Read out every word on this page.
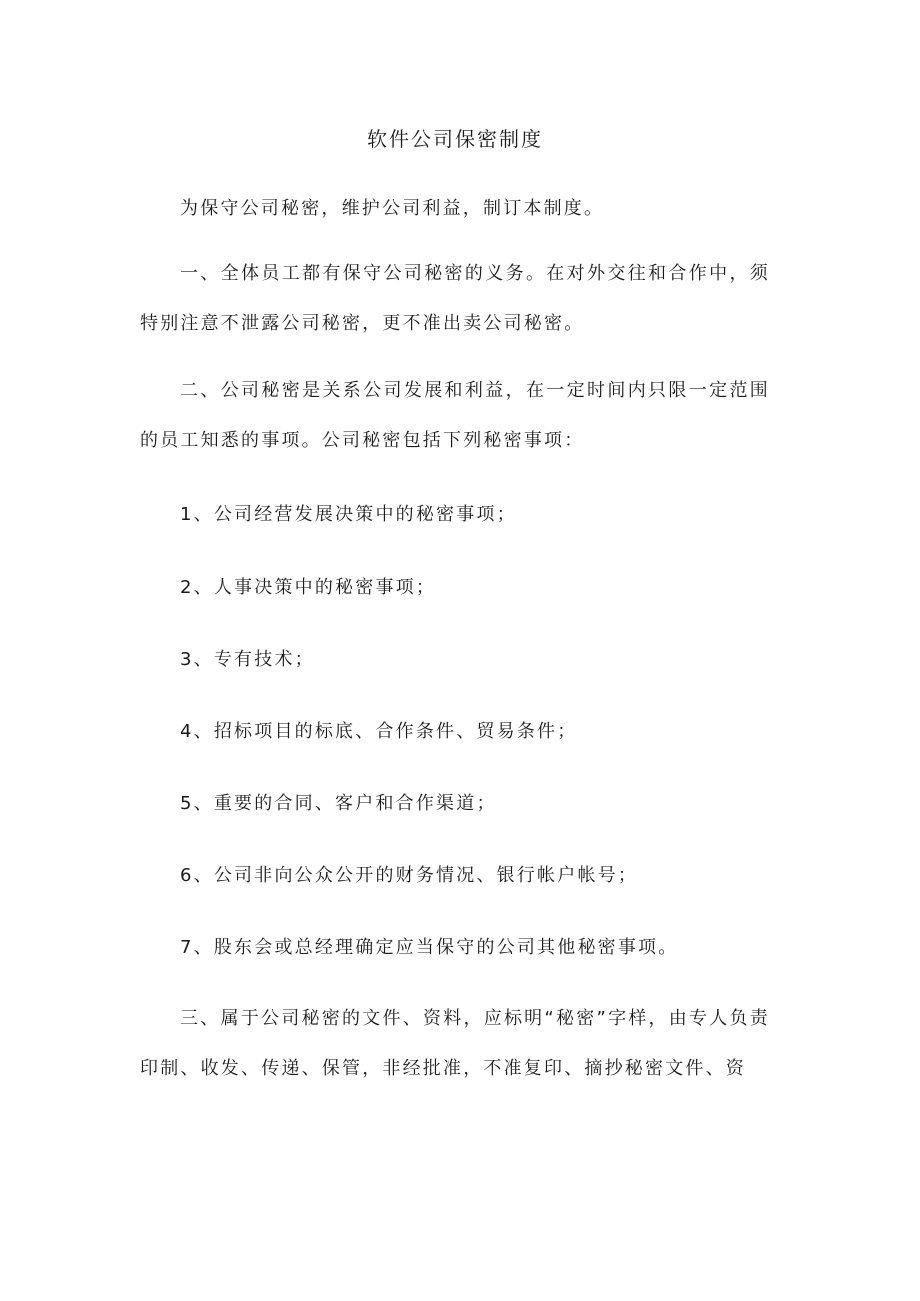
软件公司保密制度

为保守公司秘密，维护公司利益，制订本制度。

一、全体员工都有保守公司秘密的义务。在对外交往和合作中，须特别注意不泄露公司秘密，更不准出卖公司秘密。

二、公司秘密是关系公司发展和利益，在一定时间内只限一定范围的员工知悉的事项。公司秘密包括下列秘密事项：

1、公司经营发展决策中的秘密事项；

2、人事决策中的秘密事项；

3、专有技术；

4、招标项目的标底、合作条件、贸易条件；

5、重要的合同、客户和合作渠道；

6、公司非向公众公开的财务情况、银行帐户帐号；

7、股东会或总经理确定应当保守的公司其他秘密事项。

三、属于公司秘密的文件、资料，应标明“秘密”字样，由专人负责印制、收发、传递、保管，非经批准，不准复印、摘抄秘密文件、资
